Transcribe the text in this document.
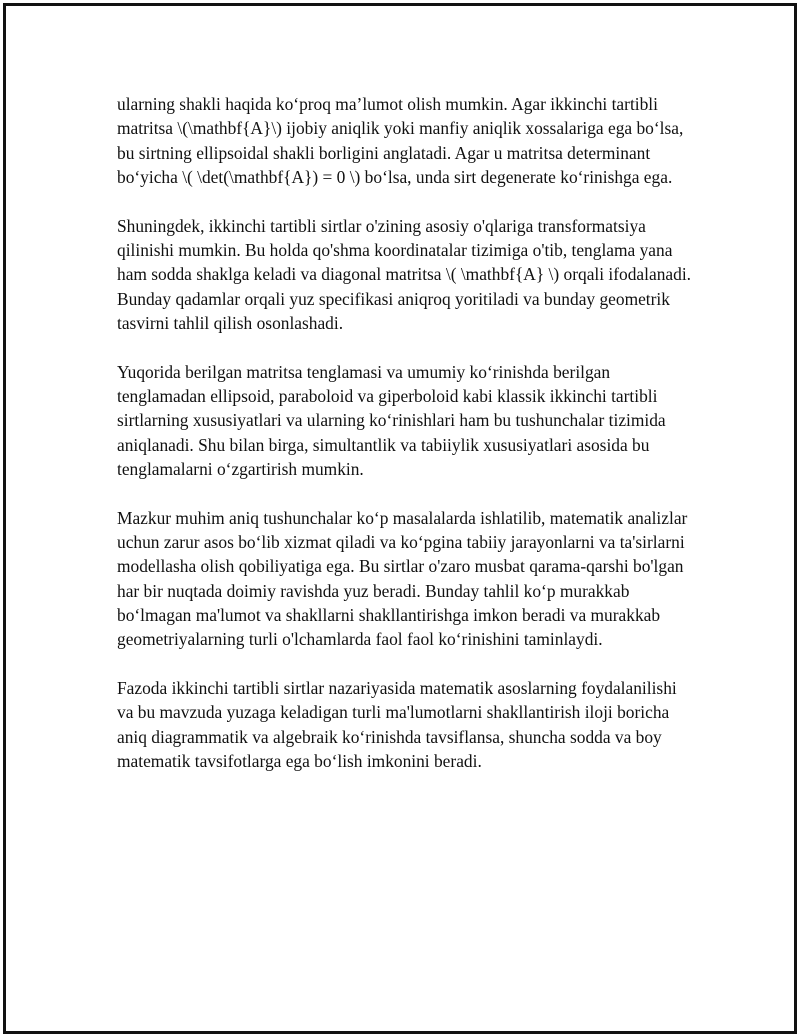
ularning shakli haqida ko‘proq ma’lumot olish mumkin. Agar ikkinchi tartibli matritsa \(\mathbf{A}\) ijobiy aniqlik yoki manfiy aniqlik xossalariga ega bo‘lsa, bu sirtning ellipsoidal shakli borligini anglatadi. Agar u matritsa determinant bo‘yicha \( \det(\mathbf{A}) = 0 \) bo‘lsa, unda sirt degenerate ko‘rinishga ega.

Shuningdek, ikkinchi tartibli sirtlar o'zining asosiy o'qlariga transformatsiya qilinishi mumkin. Bu holda qo'shma koordinatalar tizimiga o'tib, tenglama yana ham sodda shaklga keladi va diagonal matritsa \( \mathbf{A} \) orqali ifodalanadi. Bunday qadamlar orqali yuz specifikasi aniqroq yoritiladi va bunday geometrik tasvirni tahlil qilish osonlashadi.

Yuqorida berilgan matritsa tenglamasi va umumiy ko‘rinishda berilgan tenglamadan ellipsoid, paraboloid va giperboloid kabi klassik ikkinchi tartibli sirtlarning xususiyatlari va ularning ko‘rinishlari ham bu tushunchalar tizimida aniqlanadi. Shu bilan birga, simultantlik va tabiiylik xususiyatlari asosida bu tenglamalarni o‘zgartirish mumkin.

Mazkur muhim aniq tushunchalar ko‘p masalalarda ishlatilib, matematik analizlar uchun zarur asos bo‘lib xizmat qiladi va ko‘pgina tabiiy jarayonlarni va ta'sirlarni modellasha olish qobiliyatiga ega. Bu sirtlar o'zaro musbat qarama-qarshi bo'lgan har bir nuqtada doimiy ravishda yuz beradi. Bunday tahlil ko‘p murakkab bo‘lmagan ma'lumot va shakllarni shakllantirishga imkon beradi va murakkab geometriyalarning turli o'lchamlarda faol faol ko‘rinishini taminlaydi.

Fazoda ikkinchi tartibli sirtlar nazariyasida matematik asoslarning foydalanilishi va bu mavzuda yuzaga keladigan turli ma'lumotlarni shakllantirish iloji boricha aniq diagrammatik va algebraik ko‘rinishda tavsiflansa, shuncha sodda va boy matematik tavsifotlarga ega bo‘lish imkonini beradi.
